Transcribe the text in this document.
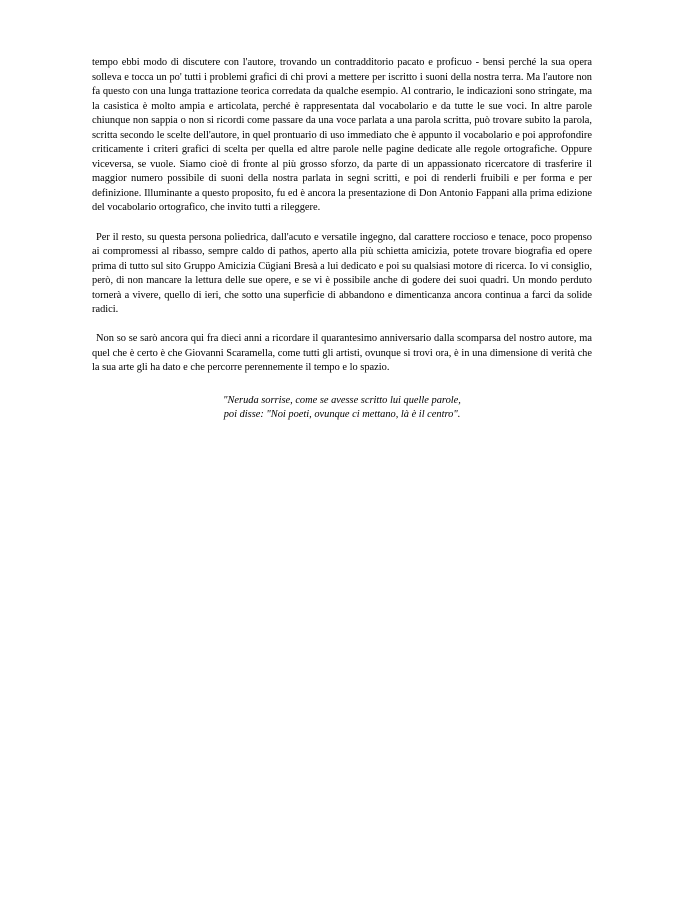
tempo ebbi modo di discutere con l'autore, trovando un contradditorio pacato e proficuo - bensi perché la sua opera solleva e tocca un po' tutti i problemi grafici di chi provi a mettere per iscritto i suoni della nostra terra. Ma l'autore non fa questo con una lunga trattazione teorica corredata da qualche esempio. Al contrario, le indicazioni sono stringate, ma la casistica è molto ampia e articolata, perché è rappresentata dal vocabolario e da tutte le sue voci. In altre parole chiunque non sappia o non si ricordi come passare da una voce parlata a una parola scritta, può trovare subito la parola, scritta secondo le scelte dell'autore, in quel prontuario di uso immediato che è appunto il vocabolario e poi approfondire criticamente i criteri grafici di scelta per quella ed altre parole nelle pagine dedicate alle regole ortografiche. Oppure viceversa, se vuole. Siamo cioè di fronte al più grosso sforzo, da parte di un appassionato ricercatore di trasferire il maggior numero possibile di suoni della nostra parlata in segni scritti, e poi di renderli fruibili e per forma e per definizione. Illuminante a questo proposito, fu ed è ancora la presentazione di Don Antonio Fappani alla prima edizione del vocabolario ortografico, che invito tutti a rileggere.

Per il resto, su questa persona poliedrica, dall'acuto e versatile ingegno, dal carattere roccioso e tenace, poco propenso ai compromessi al ribasso, sempre caldo di pathos, aperto alla più schietta amicizia, potete trovare biografia ed opere prima di tutto sul sito Gruppo Amicizia Cügiani Bresà a lui dedicato e poi su qualsiasi motore di ricerca. Io vi consiglio, però, di non mancare la lettura delle sue opere, e se vi è possibile anche di godere dei suoi quadri. Un mondo perduto tornerà a vivere, quello di ieri, che sotto una superficie di abbandono e dimenticanza ancora continua a farci da solide radici.

Non so se sarò ancora qui fra dieci anni a ricordare il quarantesimo anniversario dalla scomparsa del nostro autore, ma quel che è certo è che Giovanni Scaramella, come tutti gli artisti, ovunque si trovi ora, è in una dimensione di verità che la sua arte gli ha dato e che percorre perennemente il tempo e lo spazio.

"Neruda sorrise, come se avesse scritto lui quelle parole,
poi disse: "Noi poeti, ovunque ci mettano, là è il centro".
